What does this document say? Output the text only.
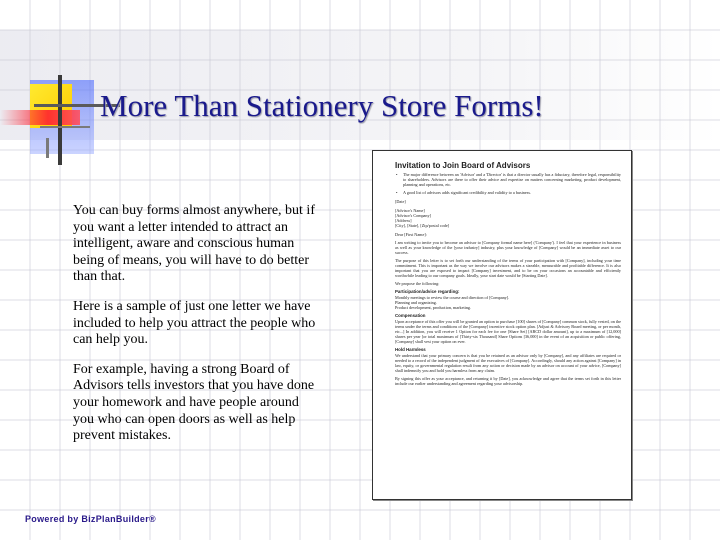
More Than Stationery Store Forms!

You can buy forms almost anywhere, but if you want a letter intended to attract an intelligent, aware and conscious human being of means, you will have to do better than that.

Here is a sample of just one letter we have included to help you attract the people who can help you.

For example, having a strong Board of Advisors tells investors that you have done your homework and have people around you who can open doors as well as help prevent mistakes.

Invitation to Join Board of Advisors
• The major difference between an 'Advisor' and a 'Director' is that a director usually has a fiduciary, therefore legal, responsibility to shareholders. Advisors are there to offer their advice and expertise on matters concerning marketing, product development, planning and operations, etc.
• A good list of advisors adds significant credibility and validity to a business.
[Date]
[Advisor's Name]
[Advisor's Company]
[Address]
[City], [State], [Zip/postal code]
Dear [First Name]:
I am writing to invite you to become an advisor to [Company formal name here] ('Company'). I feel that your experience in business as well as your knowledge of the [your industry] industry, plus your knowledge of [Company] would be an immediate asset to our success.
The purpose of this letter is to set forth our understanding of the terms of your participation with [Company], including your time commitment. This is important as the way we involve our advisors makes a sizeable, measurable and profitable difference. It is also important that you are exposed to impact [Company] investment, and to be on your occasions an accountable and efficiently worthwhile leading to our company goals. Ideally, your start date would be [Starting Date].
We propose the following:
Participation/advice regarding:
Monthly meetings to review the course and direction of [Company].
Planning and organizing.
Product development, production, marketing.
Compensation
Upon acceptance of this offer you will be granted an option to purchase [100] shares of [Company] common stock, fully vested, on the terms under the terms and conditions of the [Company] incentive stock option plan. [Adjust & Advisory Board meeting, or per month, etc...] In addition, you will receive 1 Option for each fee for one [Share Set] [ABCD dollar amount], up to a maximum of [12,000] shares per year [or total maximum of [Thirty-six Thousand] Share Options [36,000] in the event of an acquisition or public offering, [Company] shall vest your option on ever.
Hold Harmless
We understand that your primary concern is that you be retained as an advisor only by [Company], and any affiliates are required or needed to a record of the independent judgment of the executives of [Company]. Accordingly, should any action against [Company] in law, equity, or governmental regulation result from any action or decision made by an advisor on account of your advice, [Company] shall indemnify you and hold you harmless from any claim.
By signing this offer as your acceptance, and returning it by [Date], you acknowledge and agree that the terms set forth in this letter include our earlier understanding and agreement regarding your advisorship.
Powered by BizPlanBuilder®
